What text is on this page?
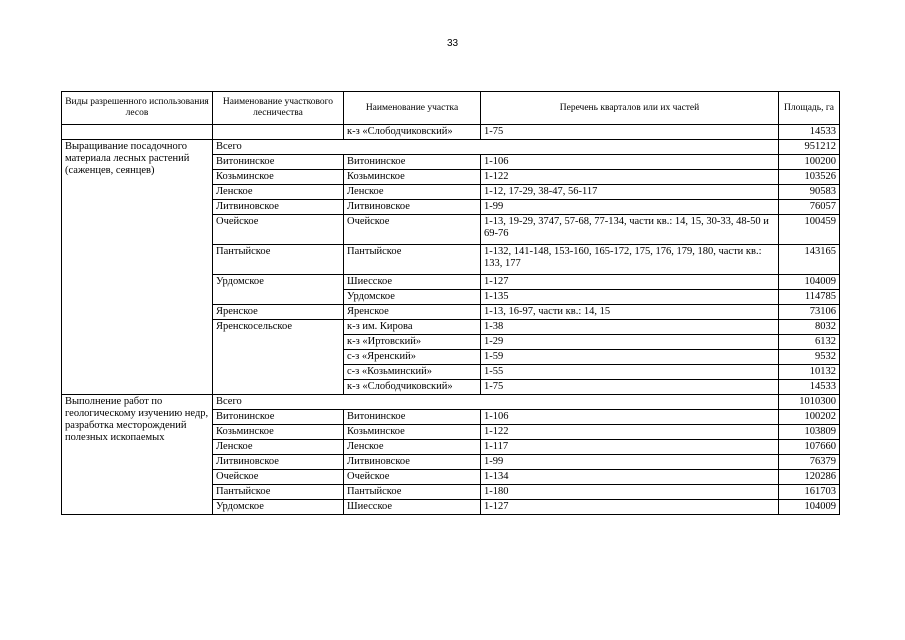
33
Виды разрешенного использования лесов	Наименование участкового лесничества	Наименование участка	Перечень кварталов или их частей	Площадь, га
		к-з «Слободчиковский»	1-75	14533
Выращивание посадочного материала лесных растений (саженцев, сеянцев)	Всего			951212
	Витонинское	Витонинское	1-106	100200
	Козьминское	Козьминское	1-122	103526
	Ленское	Ленское	1-12, 17-29, 38-47, 56-117	90583
	Литвиновское	Литвиновское	1-99	76057
	Очейское	Очейское	1-13, 19-29, 3747, 57-68, 77-134, части кв.: 14, 15, 30-33, 48-50 и 69-76	100459
	Пантыйское	Пантыйское	1-132, 141-148, 153-160, 165-172, 175, 176, 179, 180, части кв.: 133, 177	143165
	Урдомское	Шиесское	1-127	104009
		Урдомское	1-135	114785
	Яренское	Яренское	1-13, 16-97, части кв.: 14, 15	73106
	Яренскосельское	к-з им. Кирова	1-38	8032
		к-з «Иртовский»	1-29	6132
		с-з «Яренский»	1-59	9532
		с-з «Козьминский»	1-55	10132
		к-з «Слободчиковский»	1-75	14533
Выполнение работ по геологическому изучению недр, разработка месторождений полезных ископаемых	Всего			1010300
	Витонинское	Витонинское	1-106	100202
	Козьминское	Козьминское	1-122	103809
	Ленское	Ленское	1-117	107660
	Литвиновское	Литвиновское	1-99	76379
	Очейское	Очейское	1-134	120286
	Пантыйское	Пантыйское	1-180	161703
	Урдомское	Шиесское	1-127	104009
